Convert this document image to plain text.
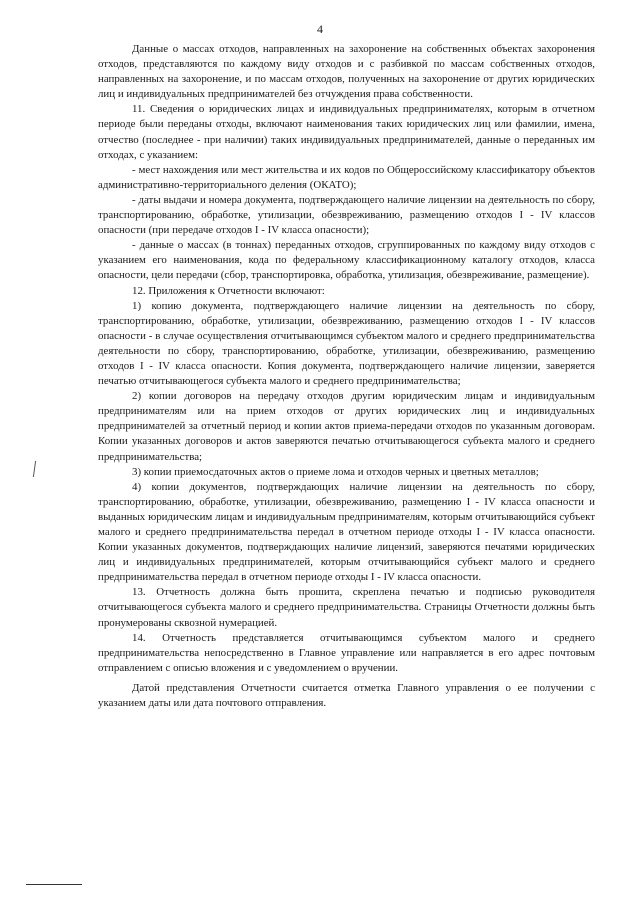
4

Данные о массах отходов, направленных на захоронение на собственных объектах захоронения отходов, представляются по каждому виду отходов и с разбивкой по массам собственных отходов, направленных на захоронение, и по массам отходов, полученных на захоронение от других юридических лиц и индивидуальных предпринимателей без отчуждения права собственности.

11. Сведения о юридических лицах и индивидуальных предпринимателях, которым в отчетном периоде были переданы отходы, включают наименования таких юридических лиц или фамилии, имена, отчество (последнее - при наличии) таких индивидуальных предпринимателей, данные о переданных им отходах, с указанием:

- мест нахождения или мест жительства и их кодов по Общероссийскому классификатору объектов административно-территориального деления (ОКАТО);

- даты выдачи и номера документа, подтверждающего наличие лицензии на деятельность по сбору, транспортированию, обработке, утилизации, обезвреживанию, размещению отходов I - IV классов опасности (при передаче отходов I - IV класса опасности);

- данные о массах (в тоннах) переданных отходов, сгруппированных по каждому виду отходов с указанием его наименования, кода по федеральному классификационному каталогу отходов, класса опасности, цели передачи (сбор, транспортировка, обработка, утилизация, обезвреживание, размещение).

12. Приложения к Отчетности включают:

1) копию документа, подтверждающего наличие лицензии на деятельность по сбору, транспортированию, обработке, утилизации, обезвреживанию, размещению отходов I - IV классов опасности - в случае осуществления отчитывающимся субъектом малого и среднего предпринимательства деятельности по сбору, транспортированию, обработке, утилизации, обезвреживанию, размещению отходов I - IV класса опасности. Копия документа, подтверждающего наличие лицензии, заверяется печатью отчитывающегося субъекта малого и среднего предпринимательства;

2) копии договоров на передачу отходов другим юридическим лицам и индивидуальным предпринимателям или на прием отходов от других юридических лиц и индивидуальных предпринимателей за отчетный период и копии актов приема-передачи отходов по указанным договорам. Копии указанных договоров и актов заверяются печатью отчитывающегося субъекта малого и среднего предпринимательства;

3) копии приемосдаточных актов о приеме лома и отходов черных и цветных металлов;

4) копии документов, подтверждающих наличие лицензии на деятельность по сбору, транспортированию, обработке, утилизации, обезвреживанию, размещению I - IV класса опасности и выданных юридическим лицам и индивидуальным предпринимателям, которым отчитывающийся субъект малого и среднего предпринимательства передал в отчетном периоде отходы I - IV класса опасности. Копии указанных документов, подтверждающих наличие лицензий, заверяются печатями юридических лиц и индивидуальных предпринимателей, которым отчитывающийся субъект малого и среднего предпринимательства передал в отчетном периоде отходы I - IV класса опасности.

13. Отчетность должна быть прошита, скреплена печатью и подписью руководителя отчитывающегося субъекта малого и среднего предпринимательства. Страницы Отчетности должны быть пронумерованы сквозной нумерацией.

14. Отчетность представляется отчитывающимся субъектом малого и среднего предпринимательства непосредственно в Главное управление или направляется в его адрес почтовым отправлением с описью вложения и с уведомлением о вручении.

Датой представления Отчетности считается отметка Главного управления о ее получении с указанием даты или дата почтового отправления.
